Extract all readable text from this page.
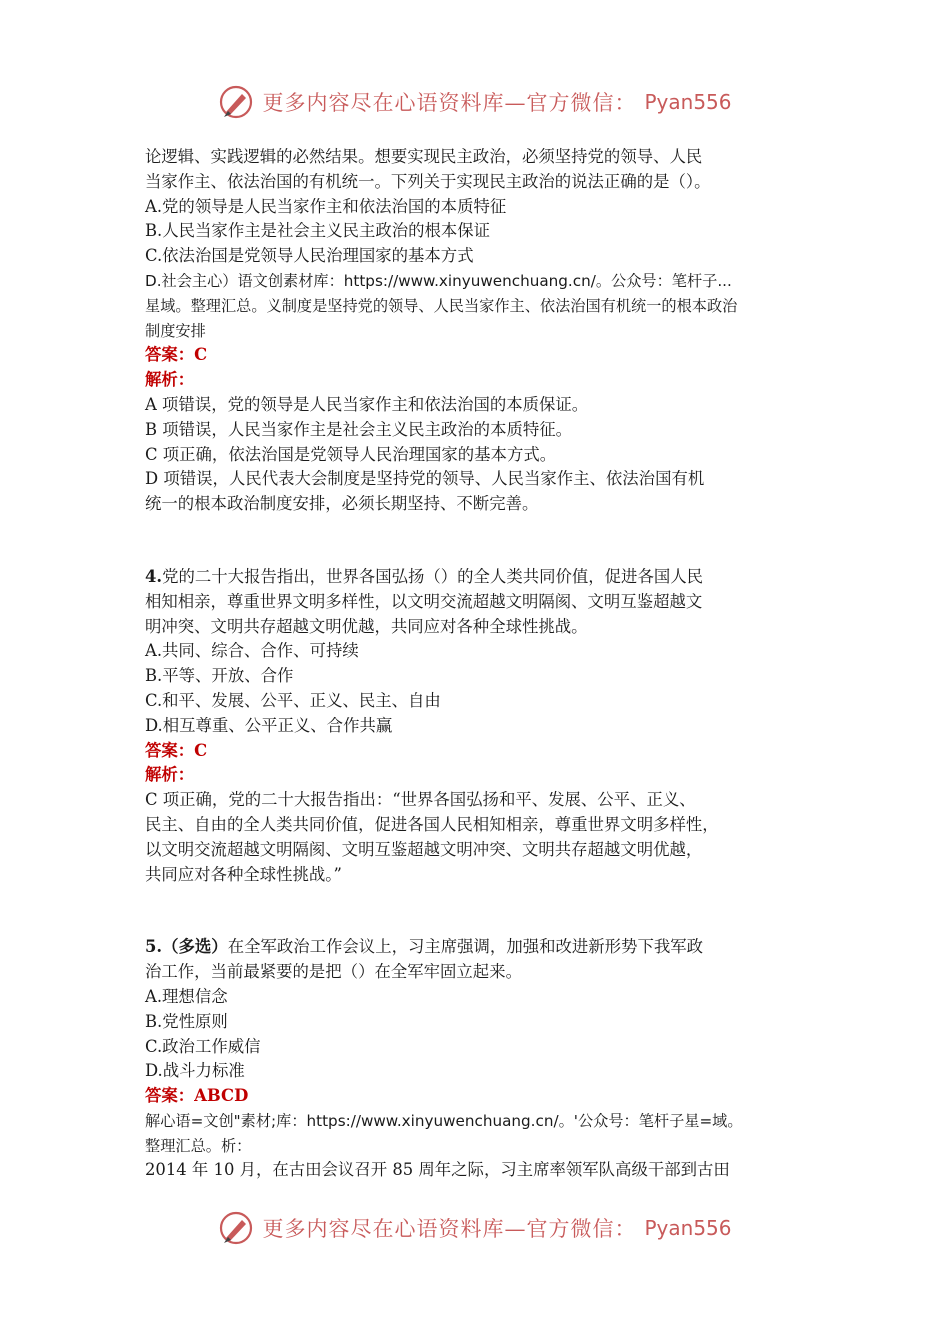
更多内容尽在心语资料库—官方微信： Pyan556
论逻辑、实践逻辑的必然结果。想要实现民主政治，必须坚持党的领导、人民
当家作主、依法治国的有机统一。下列关于实现民主政治的说法正确的是（）。
A.党的领导是人民当家作主和依法治国的本质特征
B.人民当家作主是社会主义民主政治的根本保证
C.依法治国是党领导人民治理国家的基本方式
D.社会主心）语文创素材库：https://www.xinyuwenchuang.cn/。公众号：笔杆子...
星域。整理汇总。义制度是坚持党的领导、人民当家作主、依法治国有机统一的根本政治
制度安排
答案：C
解析：
A 项错误，党的领导是人民当家作主和依法治国的本质保证。
B 项错误，人民当家作主是社会主义民主政治的本质特征。
C 项正确，依法治国是党领导人民治理国家的基本方式。
D 项错误，人民代表大会制度是坚持党的领导、人民当家作主、依法治国有机
统一的根本政治制度安排，必须长期坚持、不断完善。
4.党的二十大报告指出，世界各国弘扬（）的全人类共同价值，促进各国人民
相知相亲，尊重世界文明多样性，以文明交流超越文明隔阂、文明互鉴超越文
明冲突、文明共存超越文明优越，共同应对各种全球性挑战。
A.共同、综合、合作、可持续
B.平等、开放、合作
C.和平、发展、公平、正义、民主、自由
D.相互尊重、公平正义、合作共赢
答案：C
解析：
C 项正确，党的二十大报告指出：“世界各国弘扬和平、发展、公平、正义、
民主、自由的全人类共同价值，促进各国人民相知相亲，尊重世界文明多样性，
以文明交流超越文明隔阂、文明互鉴超越文明冲突、文明共存超越文明优越，
共同应对各种全球性挑战。”
5.（多选）在全军政治工作会议上，习主席强调，加强和改进新形势下我军政
治工作，当前最紧要的是把（）在全军牢固立起来。
A.理想信念
B.党性原则
C.政治工作威信
D.战斗力标准
答案：ABCD
解心语=文创"素材;库：https://www.xinyuwenchuang.cn/。'公众号：笔杆子星=域。
整理汇总。析：
2014 年 10 月，在古田会议召开 85 周年之际，习主席率领军队高级干部到古田
更多内容尽在心语资料库—官方微信： Pyan556
